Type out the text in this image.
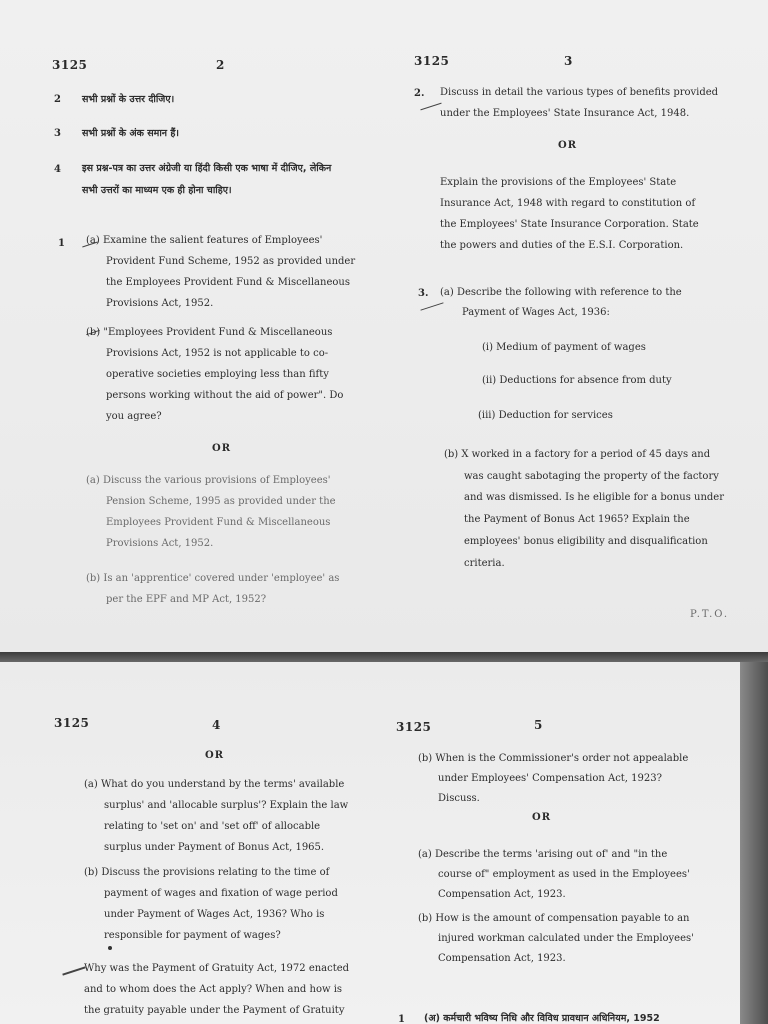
3125	2
2 सभी प्रश्नों के उत्तर दीजिए।
3 सभी प्रश्नों के अंक समान हैं।
4 इस प्रश्न-पत्र का उत्तर अंग्रेजी या हिंदी किसी एक भाषा में दीजिए, लेकिन
सभी उत्तरों का माध्यम एक ही होना चाहिए।
1 (a) Examine the salient features of Employees'
Provident Fund Scheme, 1952 as provided under
the Employees Provident Fund & Miscellaneous
Provisions Act, 1952.
(b) "Employees Provident Fund & Miscellaneous
Provisions Act, 1952 is not applicable to co-
operative societies employing less than fifty
persons working without the aid of power". Do
you agree?
OR
(a) Discuss the various provisions of Employees'
Pension Scheme, 1995 as provided under the
Employees Provident Fund & Miscellaneous
Provisions Act, 1952.
(b) Is an 'apprentice' covered under 'employee' as
per the EPF and MP Act, 1952?
3125	3
2. Discuss in detail the various types of benefits provided
under the Employees' State Insurance Act, 1948.
OR
Explain the provisions of the Employees' State
Insurance Act, 1948 with regard to constitution of
the Employees' State Insurance Corporation. State
the powers and duties of the E.S.I. Corporation.
3. (a) Describe the following with reference to the
Payment of Wages Act, 1936:
(i) Medium of payment of wages
(ii) Deductions for absence from duty
(iii) Deduction for services
(b) X worked in a factory for a period of 45 days and
was caught sabotaging the property of the factory
and was dismissed. Is he eligible for a bonus under
the Payment of Bonus Act 1965? Explain the
employees' bonus eligibility and disqualification
criteria.
P.T.O.
3125	4
OR
(a) What do you understand by the terms' available
surplus' and 'allocable surplus'? Explain the law
relating to 'set on' and 'set off' of allocable
surplus under Payment of Bonus Act, 1965.
(b) Discuss the provisions relating to the time of
payment of wages and fixation of wage period
under Payment of Wages Act, 1936? Who is
responsible for payment of wages?
Why was the Payment of Gratuity Act, 1972 enacted
and to whom does the Act apply? When and how is
the gratuity payable under the Payment of Gratuity
3125	5
(b) When is the Commissioner's order not appealable
under Employees' Compensation Act, 1923?
Discuss.
OR
(a) Describe the terms 'arising out of' and "in the
course of" employment as used in the Employees'
Compensation Act, 1923.
(b) How is the amount of compensation payable to an
injured workman calculated under the Employees'
Compensation Act, 1923.
1 (अ) कर्मचारी भविष्य निधि और विविध प्रावधान अधिनियम, 1952
